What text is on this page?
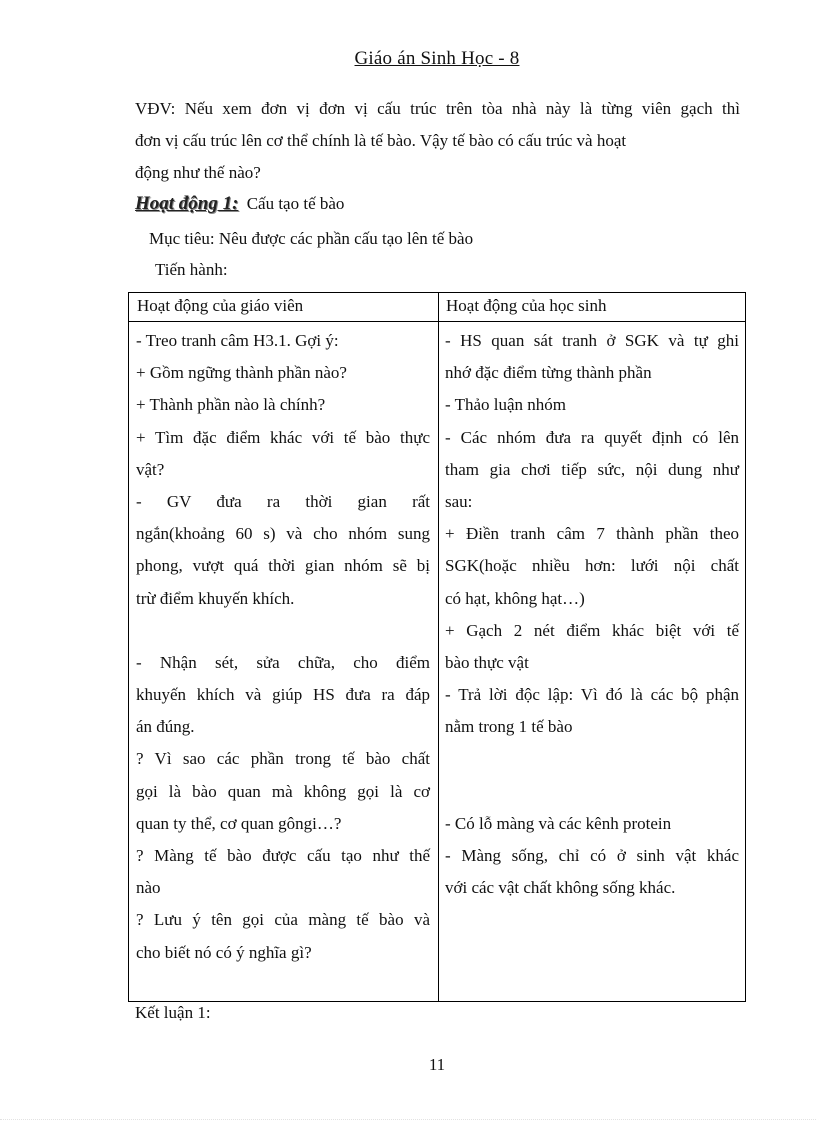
Giáo án Sinh Học - 8
VĐV: Nếu xem đơn vị đơn vị cấu trúc trên tòa nhà này là từng viên gạch thì
đơn vị cấu trúc lên cơ thể chính là tế bào. Vậy tế bào có cấu trúc và hoạt
động như thế nào?
Hoạt động 1: Cấu tạo tế bào
Mục tiêu: Nêu được các phần cấu tạo lên tế bào
Tiến hành:
Hoạt động của giáo viên	Hoạt động của học sinh
- Treo tranh câm H3.1. Gợi ý:
+ Gồm ngững thành phần nào?
+ Thành phần nào là chính?
+ Tìm đặc điểm khác với tế bào thực
vật?
- GV đưa ra thời gian rất
ngắn(khoảng 60 s) và cho nhóm sung
phong, vượt quá thời gian nhóm sẽ bị
trừ điểm khuyến khích.
- Nhận sét, sửa chữa, cho điểm
khuyến khích và giúp HS đưa ra đáp
án đúng.
? Vì sao các phần trong tế bào chất
gọi là bào quan mà không gọi là cơ
quan ty thể, cơ quan gôngi…?
? Màng tế bào được cấu tạo như thế
nào
? Lưu ý tên gọi của màng tế bào và
cho biết nó có ý nghĩa gì?
- HS quan sát tranh ở SGK và tự ghi
nhớ đặc điểm từng thành phần
- Thảo luận nhóm
- Các nhóm đưa ra quyết định có lên
tham gia chơi tiếp sức, nội dung như
sau:
+ Điền tranh câm 7 thành phần theo
SGK(hoặc nhiều hơn: lưới nội chất
có hạt, không hạt…)
+ Gạch 2 nét điểm khác biệt với tế
bào thực vật
- Trả lời độc lập: Vì đó là các bộ phận
nằm trong 1 tế bào
- Có lỗ màng và các kênh protein
- Màng sống, chỉ có ở sinh vật khác
với các vật chất không sống khác.
Kết luận 1:
11
